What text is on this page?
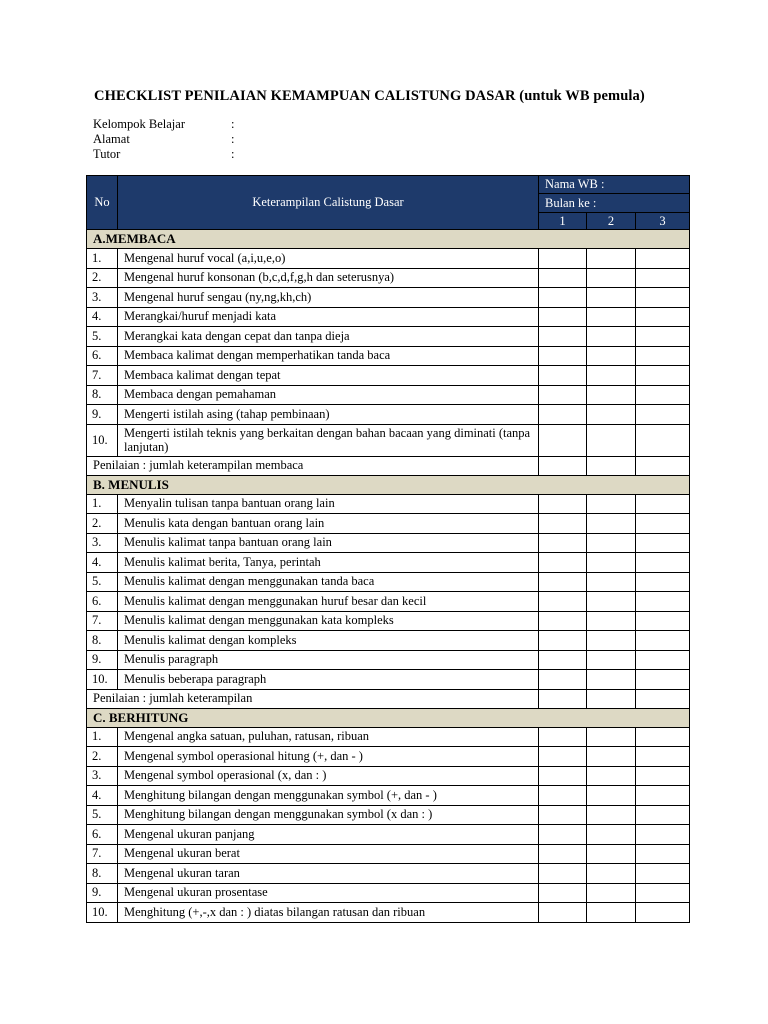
CHECKLIST PENILAIAN KEMAMPUAN CALISTUNG DASAR (untuk WB pemula)
Kelompok Belajar	:
Alamat	:
Tutor	:
No	Keterampilan Calistung Dasar	Nama WB :		
		Bulan ke :		
		1	2	3
A.MEMBACA				
1.	Mengenal huruf vocal (a,i,u,e,o)			
2.	Mengenal huruf konsonan (b,c,d,f,g,h dan seterusnya)			
3.	Mengenal huruf sengau (ny,ng,kh,ch)			
4.	Merangkai/huruf menjadi kata			
5.	Merangkai kata dengan cepat dan tanpa dieja			
6.	Membaca kalimat dengan memperhatikan tanda baca			
7.	Membaca kalimat dengan tepat			
8.	Membaca dengan pemahaman			
9.	Mengerti istilah asing (tahap pembinaan)			
10.	Mengerti istilah teknis yang berkaitan dengan bahan bacaan yang diminati (tanpa lanjutan)			
Penilaian : jumlah keterampilan membaca				
B. MENULIS				
1.	Menyalin tulisan tanpa bantuan orang lain			
2.	Menulis kata dengan bantuan orang lain			
3.	Menulis kalimat tanpa bantuan orang lain			
4.	Menulis kalimat berita, Tanya, perintah			
5.	Menulis kalimat dengan menggunakan tanda baca			
6.	Menulis kalimat dengan menggunakan huruf besar dan kecil			
7.	Menulis kalimat dengan menggunakan kata kompleks			
8.	Menulis kalimat dengan kompleks			
9.	Menulis paragraph			
10.	Menulis beberapa paragraph			
Penilaian : jumlah keterampilan				
C. BERHITUNG				
1.	Mengenal angka satuan, puluhan, ratusan, ribuan			
2.	Mengenal symbol operasional hitung (+, dan - )			
3.	Mengenal symbol operasional (x, dan : )			
4.	Menghitung bilangan dengan menggunakan symbol (+, dan - )			
5.	Menghitung bilangan dengan menggunakan symbol (x dan : )			
6.	Mengenal ukuran panjang			
7.	Mengenal ukuran berat			
8.	Mengenal ukuran taran			
9.	Mengenal ukuran prosentase			
10.	Menghitung (+,-,x dan : ) diatas bilangan ratusan dan ribuan			
